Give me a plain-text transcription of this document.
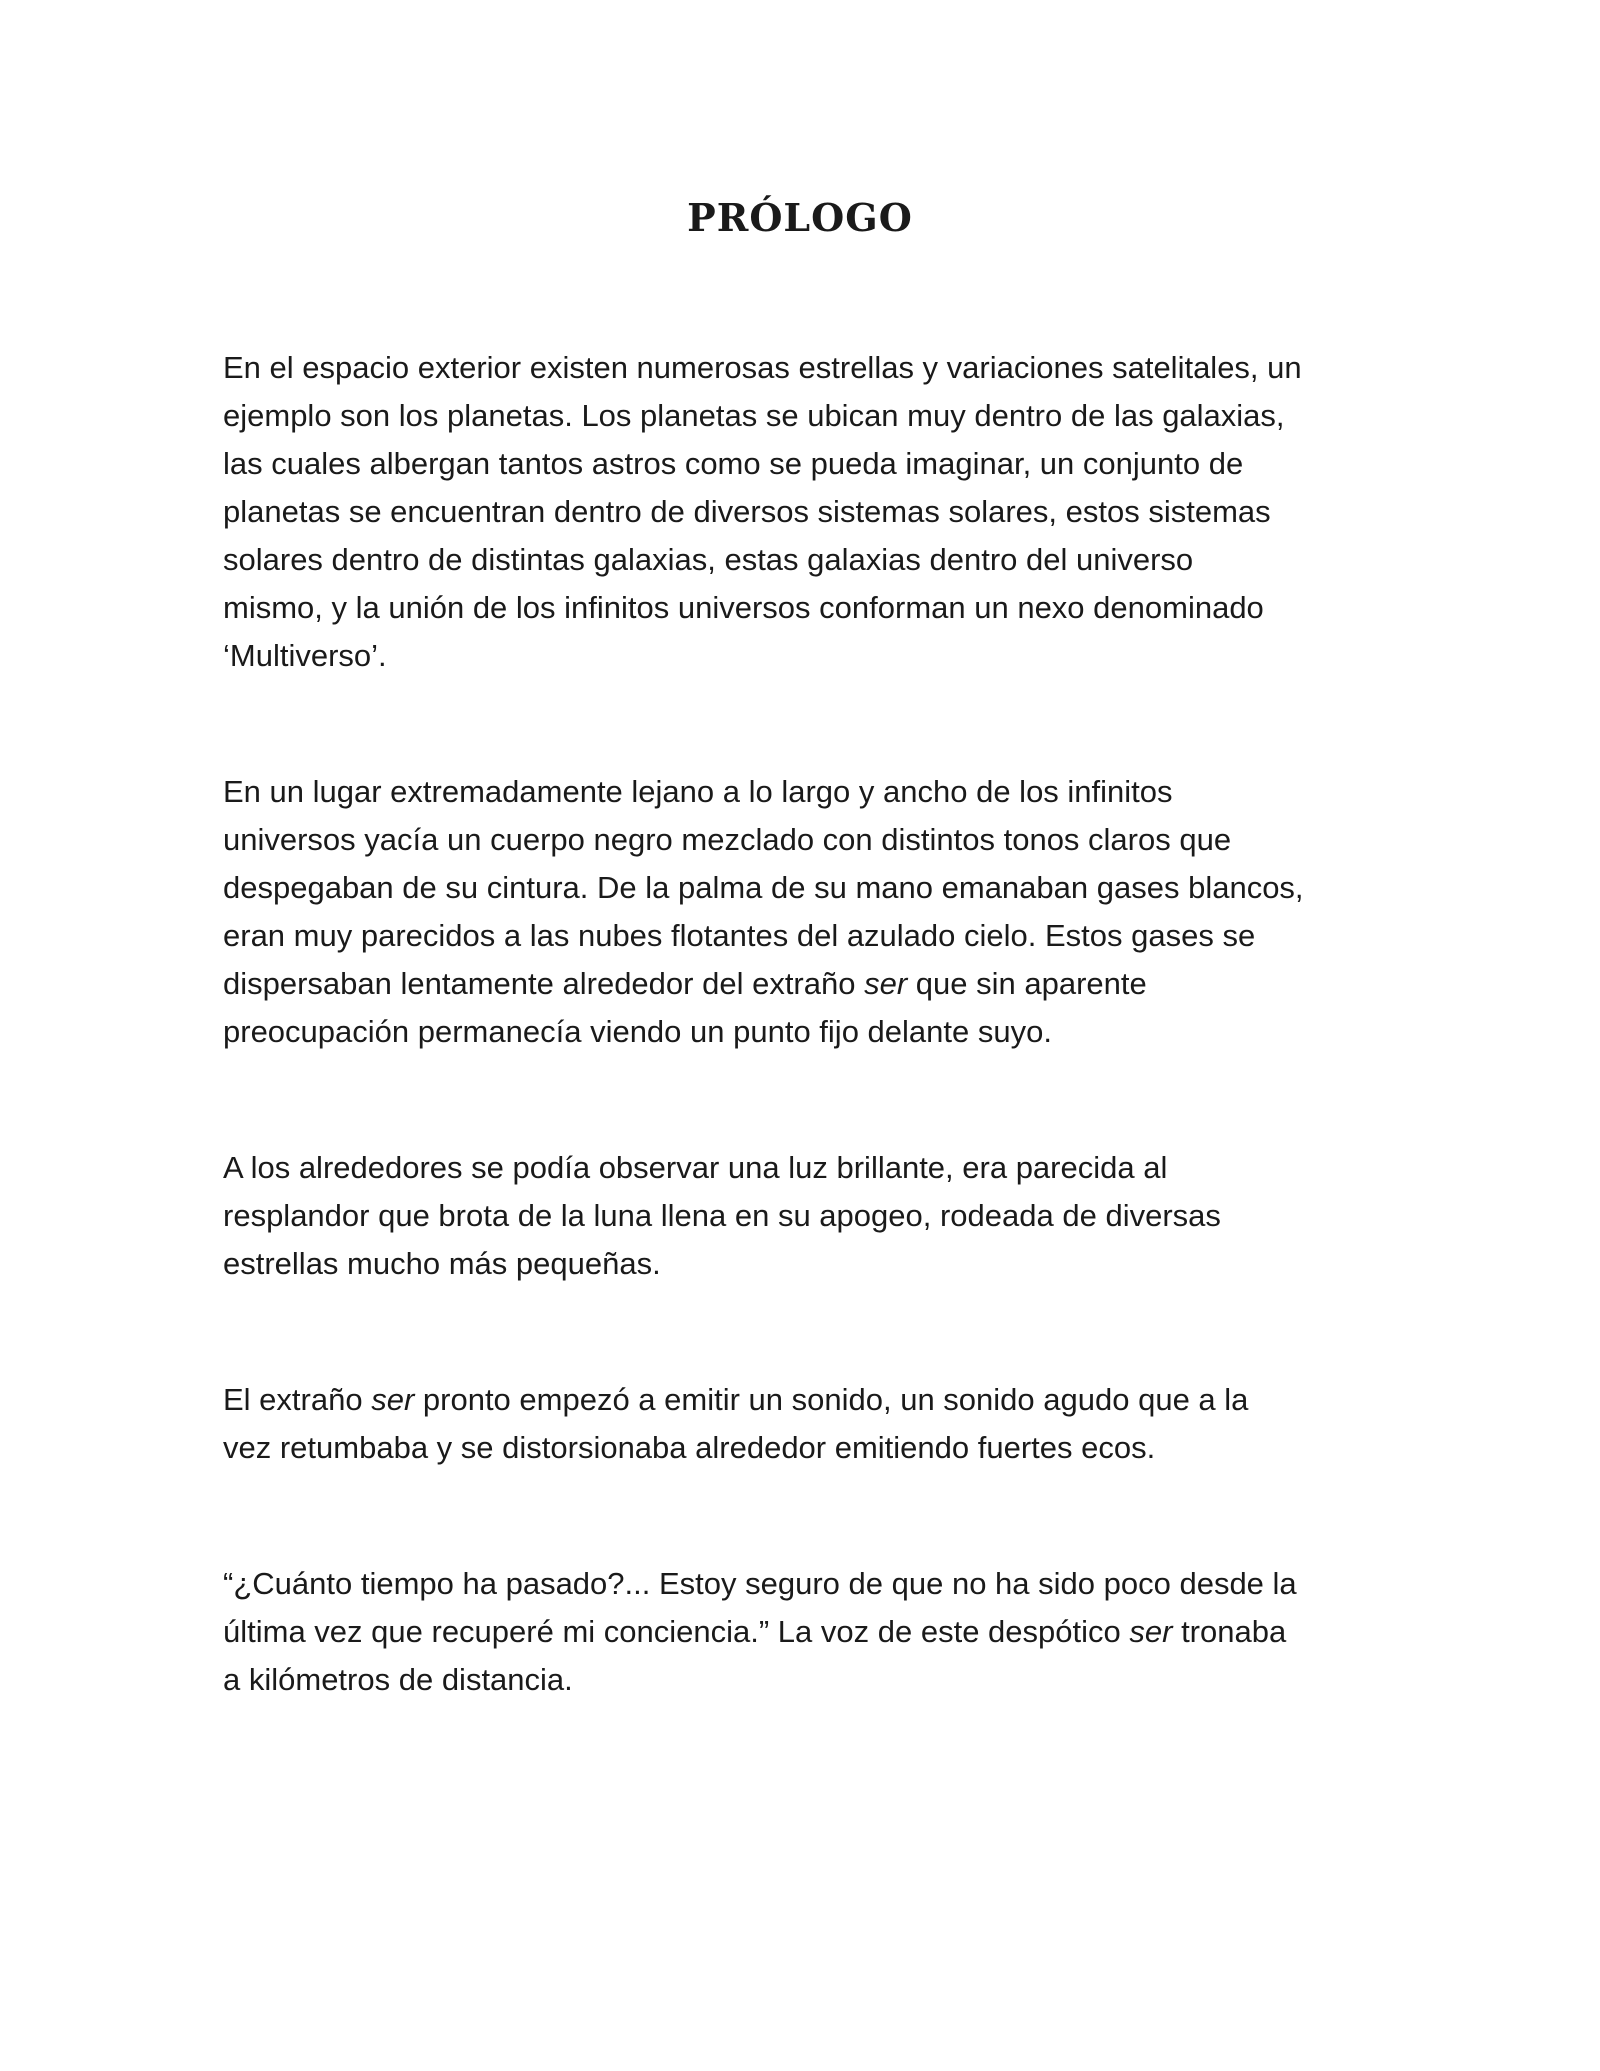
PRÓLOGO
En el espacio exterior existen numerosas estrellas y variaciones satelitales, un
ejemplo son los planetas. Los planetas se ubican muy dentro de las galaxias,
las cuales albergan tantos astros como se pueda imaginar, un conjunto de
planetas se encuentran dentro de diversos sistemas solares, estos sistemas
solares dentro de distintas galaxias, estas galaxias dentro del universo
mismo, y la unión de los infinitos universos conforman un nexo denominado
‘Multiverso’.
En un lugar extremadamente lejano a lo largo y ancho de los infinitos
universos yacía un cuerpo negro mezclado con distintos tonos claros que
despegaban de su cintura. De la palma de su mano emanaban gases blancos,
eran muy parecidos a las nubes flotantes del azulado cielo. Estos gases se
dispersaban lentamente alrededor del extraño ser que sin aparente
preocupación permanecía viendo un punto fijo delante suyo.
A los alrededores se podía observar una luz brillante, era parecida al
resplandor que brota de la luna llena en su apogeo, rodeada de diversas
estrellas mucho más pequeñas.
El extraño ser pronto empezó a emitir un sonido, un sonido agudo que a la
vez retumbaba y se distorsionaba alrededor emitiendo fuertes ecos.
“¿Cuánto tiempo ha pasado?... Estoy seguro de que no ha sido poco desde la
última vez que recuperé mi conciencia.” La voz de este despótico ser tronaba
a kilómetros de distancia.
